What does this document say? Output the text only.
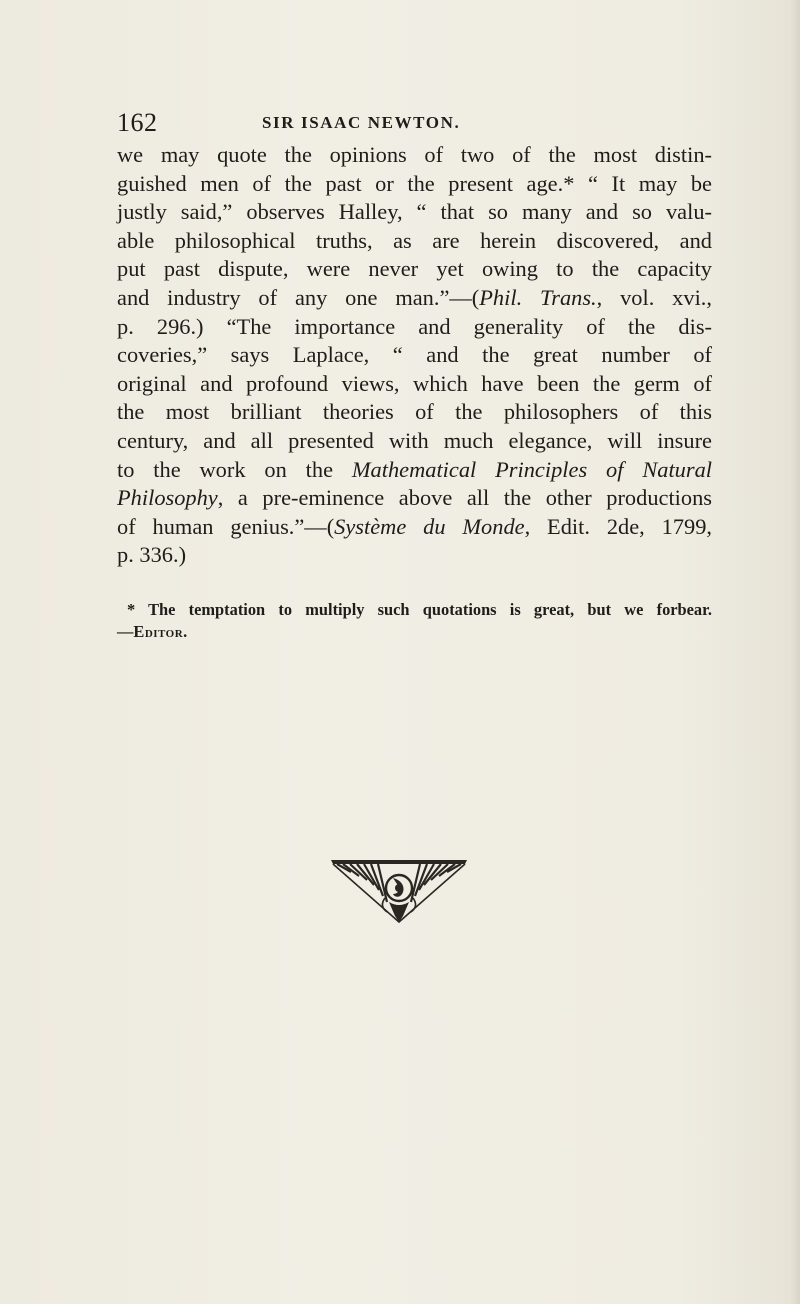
162	SIR ISAAC NEWTON.
we may quote the opinions of two of the most distin-
guished men of the past or the present age.* “ It may be
justly said,” observes Halley, “ that so many and so valu-
able philosophical truths, as are herein discovered, and
put past dispute, were never yet owing to the capacity
and industry of any one man.”—(Phil. Trans., vol. xvi.,
p. 296.) “The importance and generality of the dis-
coveries,” says Laplace, “ and the great number of
original and profound views, which have been the germ of
the most brilliant theories of the philosophers of this
century, and all presented with much elegance, will insure
to the work on the Mathematical Principles of Natural
Philosophy, a pre-eminence above all the other productions
of human genius.”—(Système du Monde, Edit. 2de, 1799,
p. 336.)
* The temptation to multiply such quotations is great, but we forbear.
—Editor.
